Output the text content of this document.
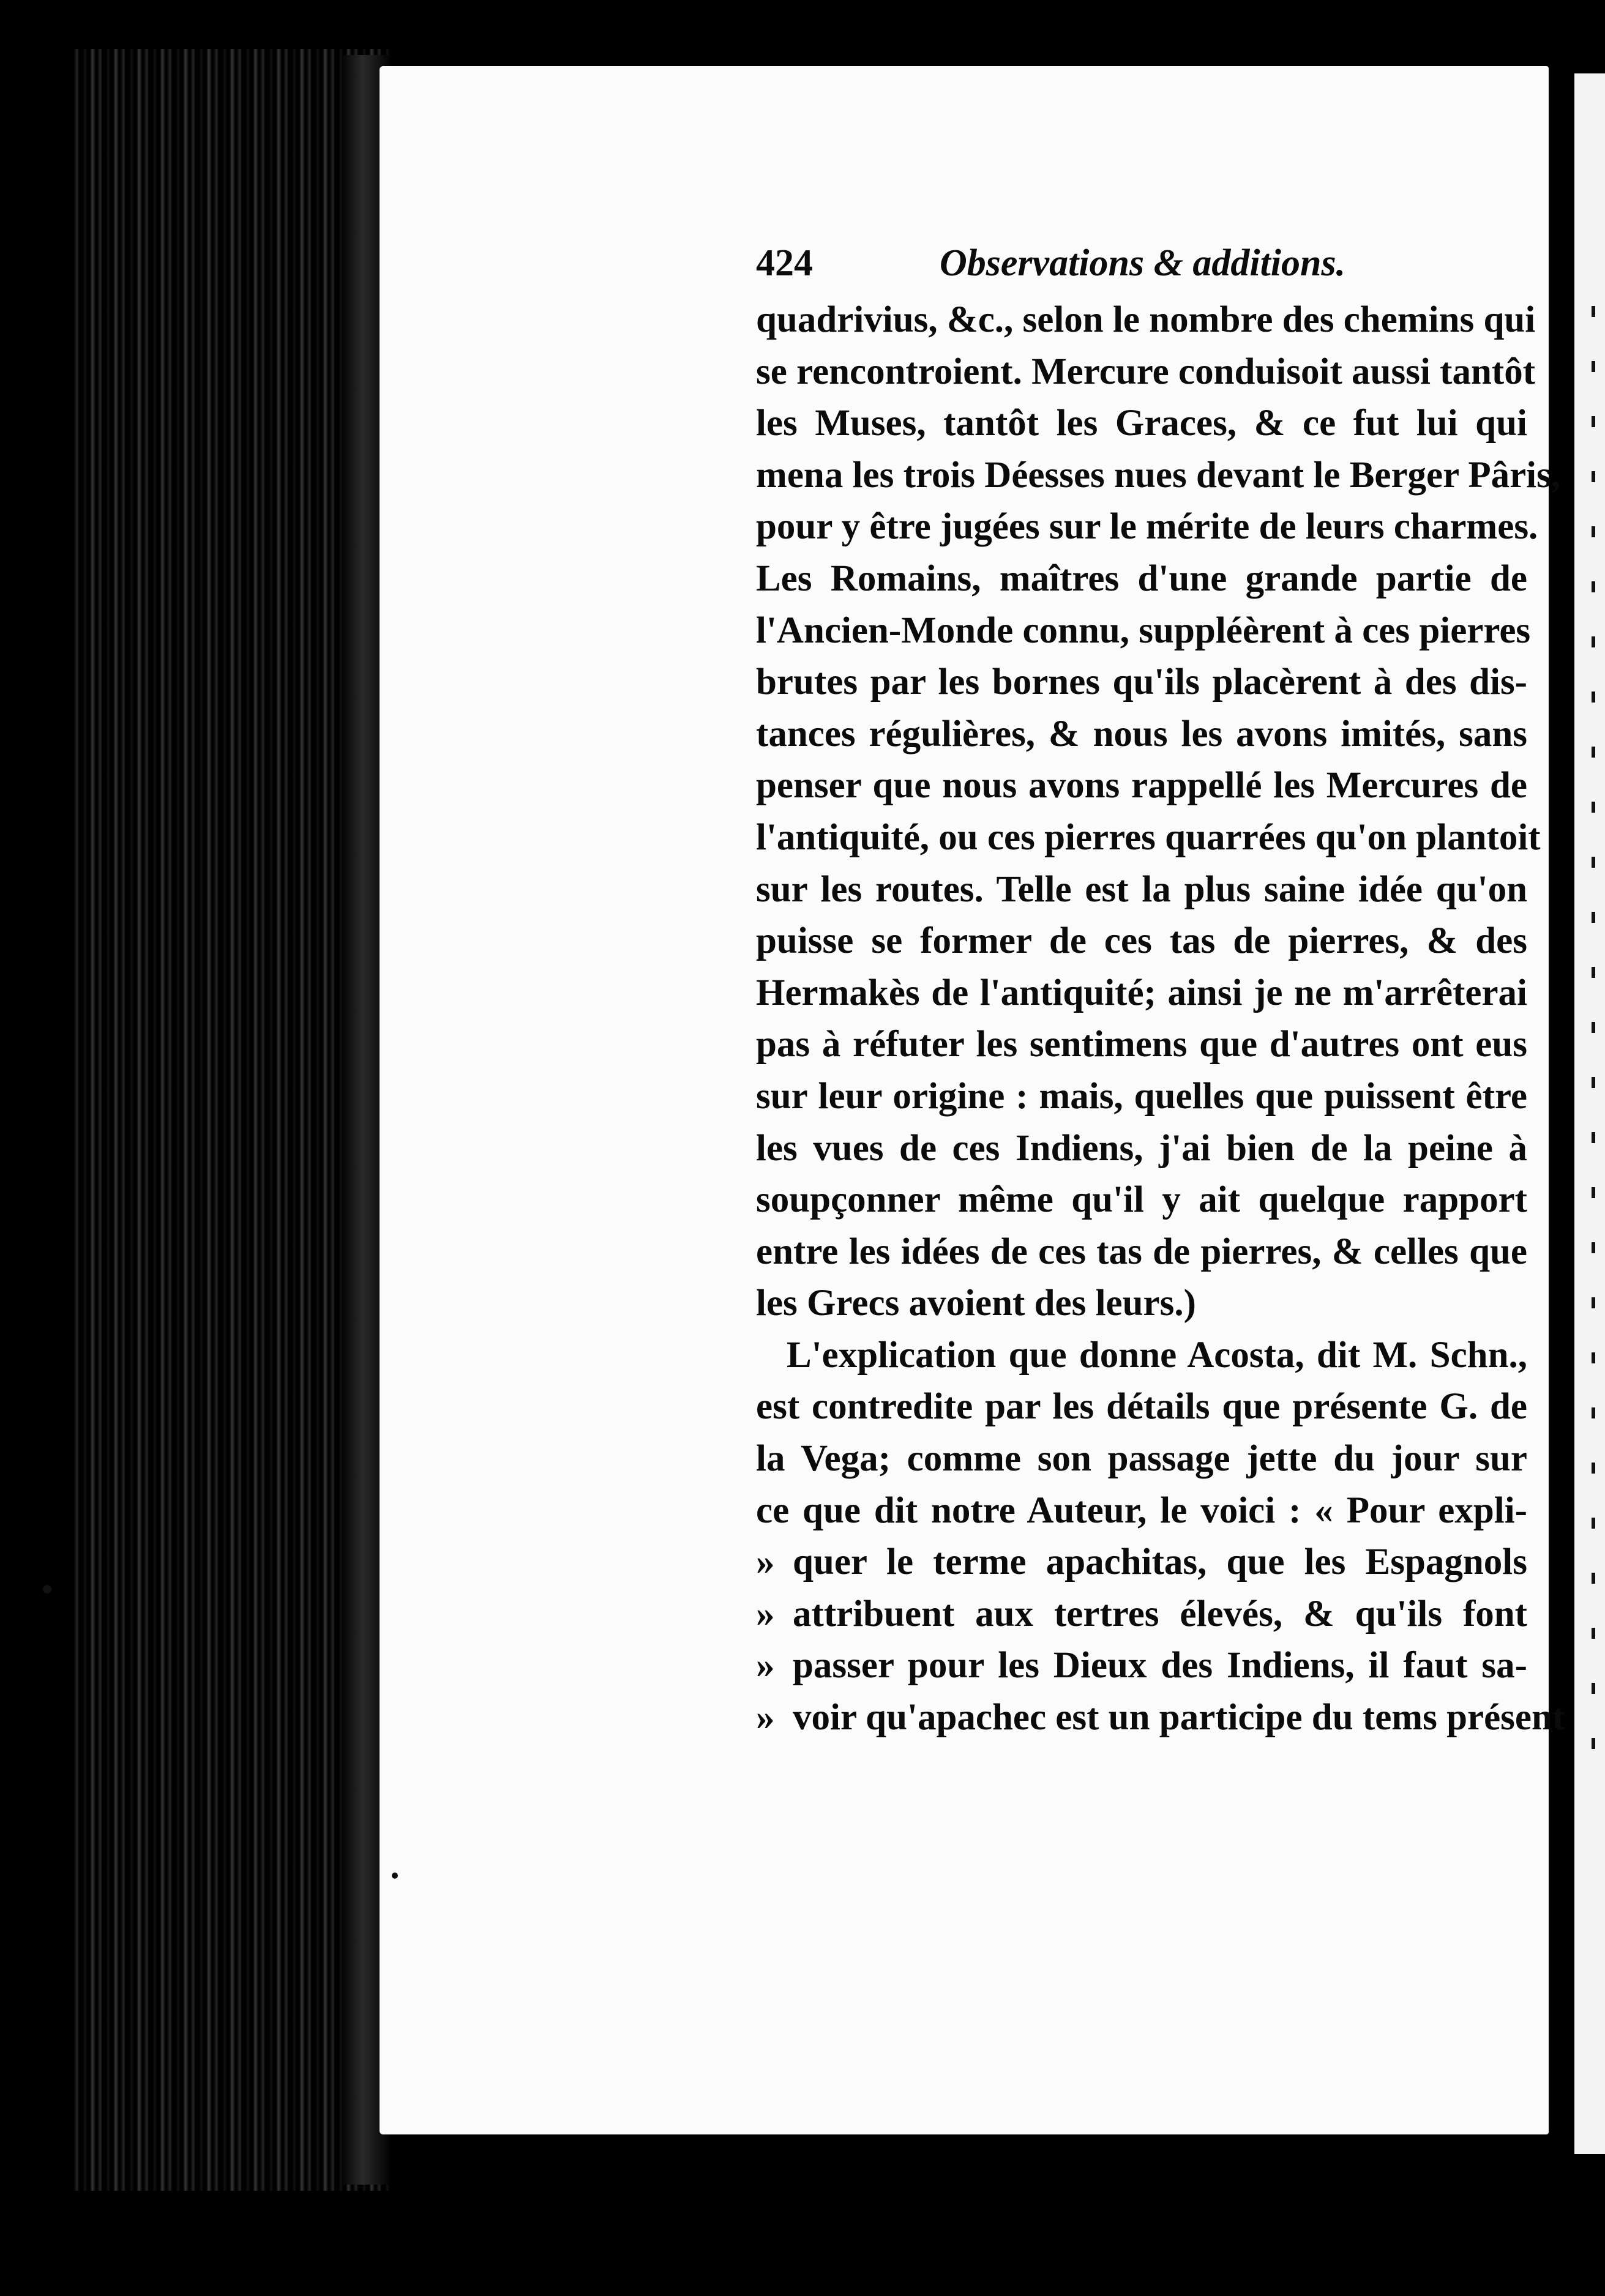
424	Observations & additions.
quadrivius, &c., selon le nombre des chemins qui
se rencontroient. Mercure conduisoit aussi tantôt
les Muses, tantôt les Graces, & ce fut lui qui
mena les trois Déesses nues devant le Berger Pâris,
pour y être jugées sur le mérite de leurs charmes.
Les Romains, maîtres d'une grande partie de
l'Ancien-Monde connu, suppléèrent à ces pierres
brutes par les bornes qu'ils placèrent à des dis-
tances régulières, & nous les avons imités, sans
penser que nous avons rappellé les Mercures de
l'antiquité, ou ces pierres quarrées qu'on plantoit
sur les routes. Telle est la plus saine idée qu'on
puisse se former de ces tas de pierres, & des
Hermakès de l'antiquité; ainsi je ne m'arrêterai
pas à réfuter les sentimens que d'autres ont eus
sur leur origine : mais, quelles que puissent être
les vues de ces Indiens, j'ai bien de la peine à
soupçonner même qu'il y ait quelque rapport
entre les idées de ces tas de pierres, & celles que
les Grecs avoient des leurs.)
L'explication que donne Acosta, dit M. Schn.,
est contredite par les détails que présente G. de
la Vega; comme son passage jette du jour sur
ce que dit notre Auteur, le voici : « Pour expli-
» quer le terme apachitas, que les Espagnols
» attribuent aux tertres élevés, & qu'ils font
» passer pour les Dieux des Indiens, il faut sa-
» voir qu'apachec est un participe du tems présent
